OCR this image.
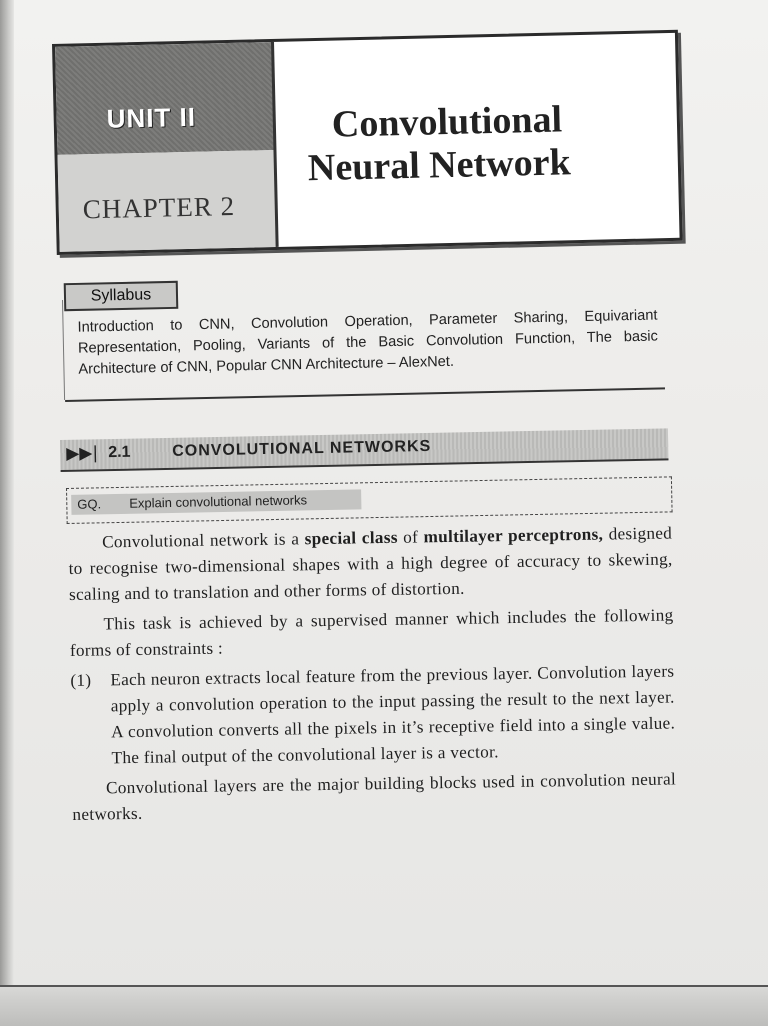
UNIT II
CHAPTER 2
Convolutional
Neural Network
Syllabus
Introduction to CNN, Convolution Operation, Parameter Sharing, Equivariant Representation, Pooling, Variants of the Basic Convolution Function, The basic Architecture of CNN, Popular CNN Architecture – AlexNet.
▶▶| 2.1	CONVOLUTIONAL NETWORKS
GQ. Explain convolutional networks

Convolutional network is a special class of multilayer perceptrons, designed to recognise two-dimensional shapes with a high degree of accuracy to skewing, scaling and to translation and other forms of distortion.

This task is achieved by a supervised manner which includes the following forms of constraints :

(1) Each neuron extracts local feature from the previous layer. Convolution layers apply a convolution operation to the input passing the result to the next layer. A convolution converts all the pixels in it’s receptive field into a single value. The final output of the convolutional layer is a vector.

Convolutional layers are the major building blocks used in convolution neural networks.
